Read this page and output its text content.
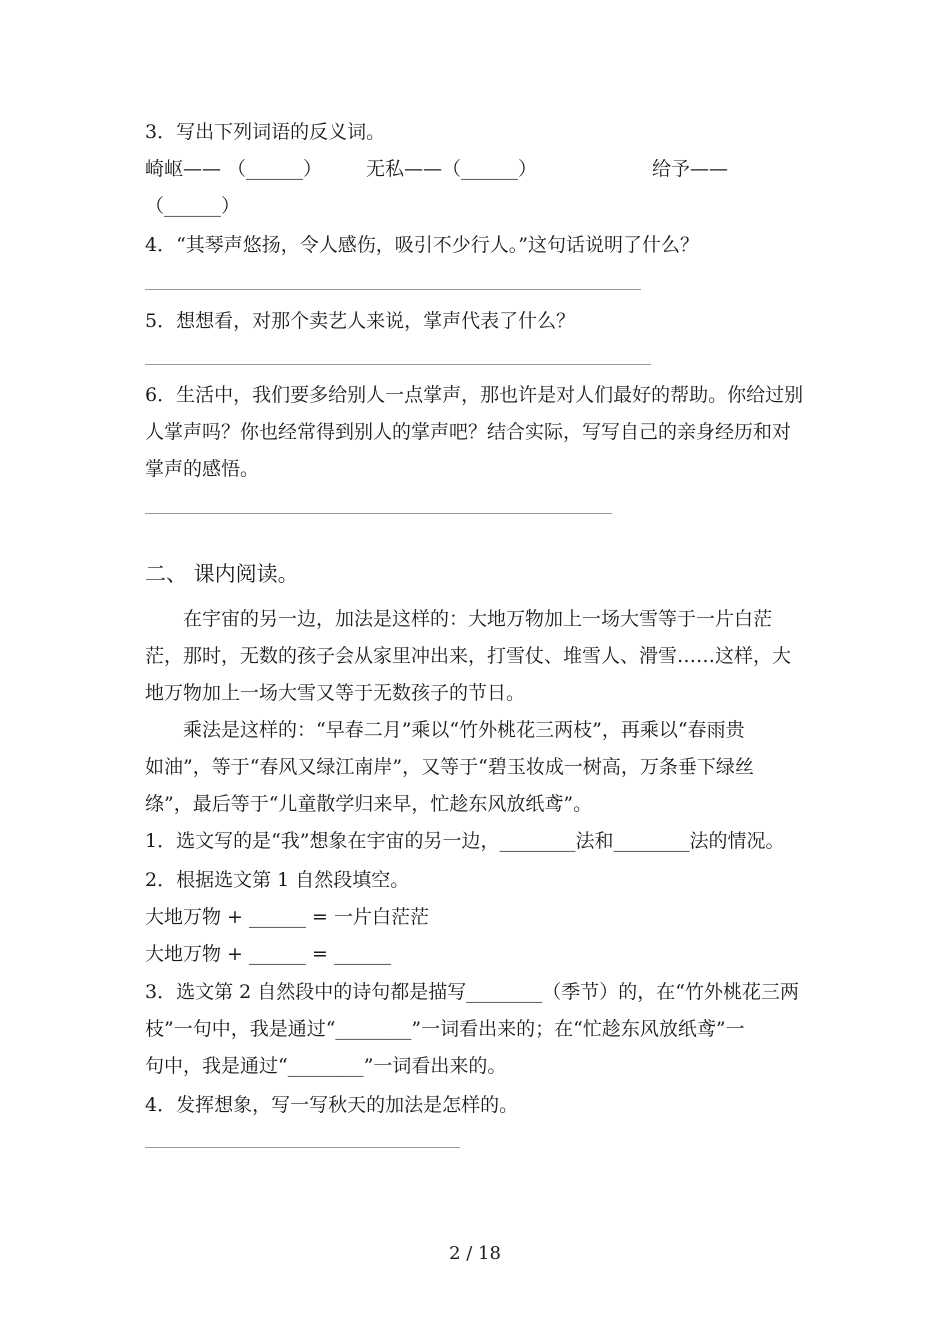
3．写出下列词语的反义词。
崎岖—— （______） 无私——（______）	给予——
（______）
4．“其琴声悠扬，令人感伤，吸引不少行人。”这句话说明了什么？
5．想想看，对那个卖艺人来说，掌声代表了什么？
6．生活中，我们要多给别人一点掌声，那也许是对人们最好的帮助。你给过别
人掌声吗？你也经常得到别人的掌声吧？结合实际，写写自己的亲身经历和对
掌声的感悟。
二、 课内阅读。
　　在宇宙的另一边，加法是这样的：大地万物加上一场大雪等于一片白茫
茫，那时，无数的孩子会从家里冲出来，打雪仗、堆雪人、滑雪……这样，大
地万物加上一场大雪又等于无数孩子的节日。
　　乘法是这样的：“早春二月”乘以“竹外桃花三两枝”，再乘以“春雨贵
如油”，等于“春风又绿江南岸”，又等于“碧玉妆成一树高，万条垂下绿丝
绦”，最后等于“儿童散学归来早，忙趁东风放纸鸢”。
1．选文写的是“我”想象在宇宙的另一边，________法和________法的情况。
2．根据选文第 1 自然段填空。
大地万物 + ______ = 一片白茫茫
大地万物 + ______ = ______
3．选文第 2 自然段中的诗句都是描写________（季节）的，在“竹外桃花三两
枝”一句中，我是通过“________”一词看出来的；在“忙趁东风放纸鸢”一
句中，我是通过“________”一词看出来的。
4．发挥想象，写一写秋天的加法是怎样的。
2 / 18
